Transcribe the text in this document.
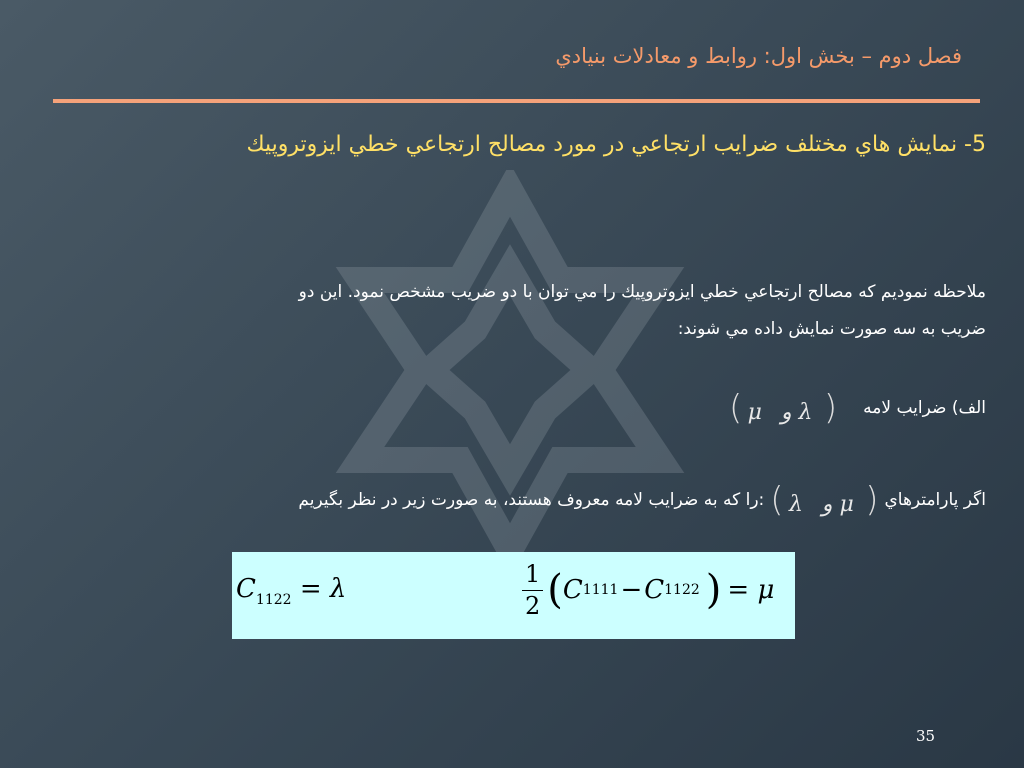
فصل دوم – بخش اول: روابط و معادلات بنيادي
5- نمايش هاي مختلف ضرايب ارتجاعي در مورد مصالح ارتجاعي خطي ايزوتروپيك
ملاحظه نموديم كه مصالح ارتجاعي خطي ايزوتروپيك را مي توان با دو ضريب مشخص نمود. اين دو
ضريب به سه صورت نمايش داده مي شوند:
الف) ضرايب لامه
( μ و λ )
اگر پارامترهاي
( λ و μ )
را كه به ضرايب لامه معروف هستند، به صورت زير در نظر بگيريم:
$C_{1122} = \lambda$	$\frac{1}{2}$ ( C 1111 − C 1122 ) = μ
35
